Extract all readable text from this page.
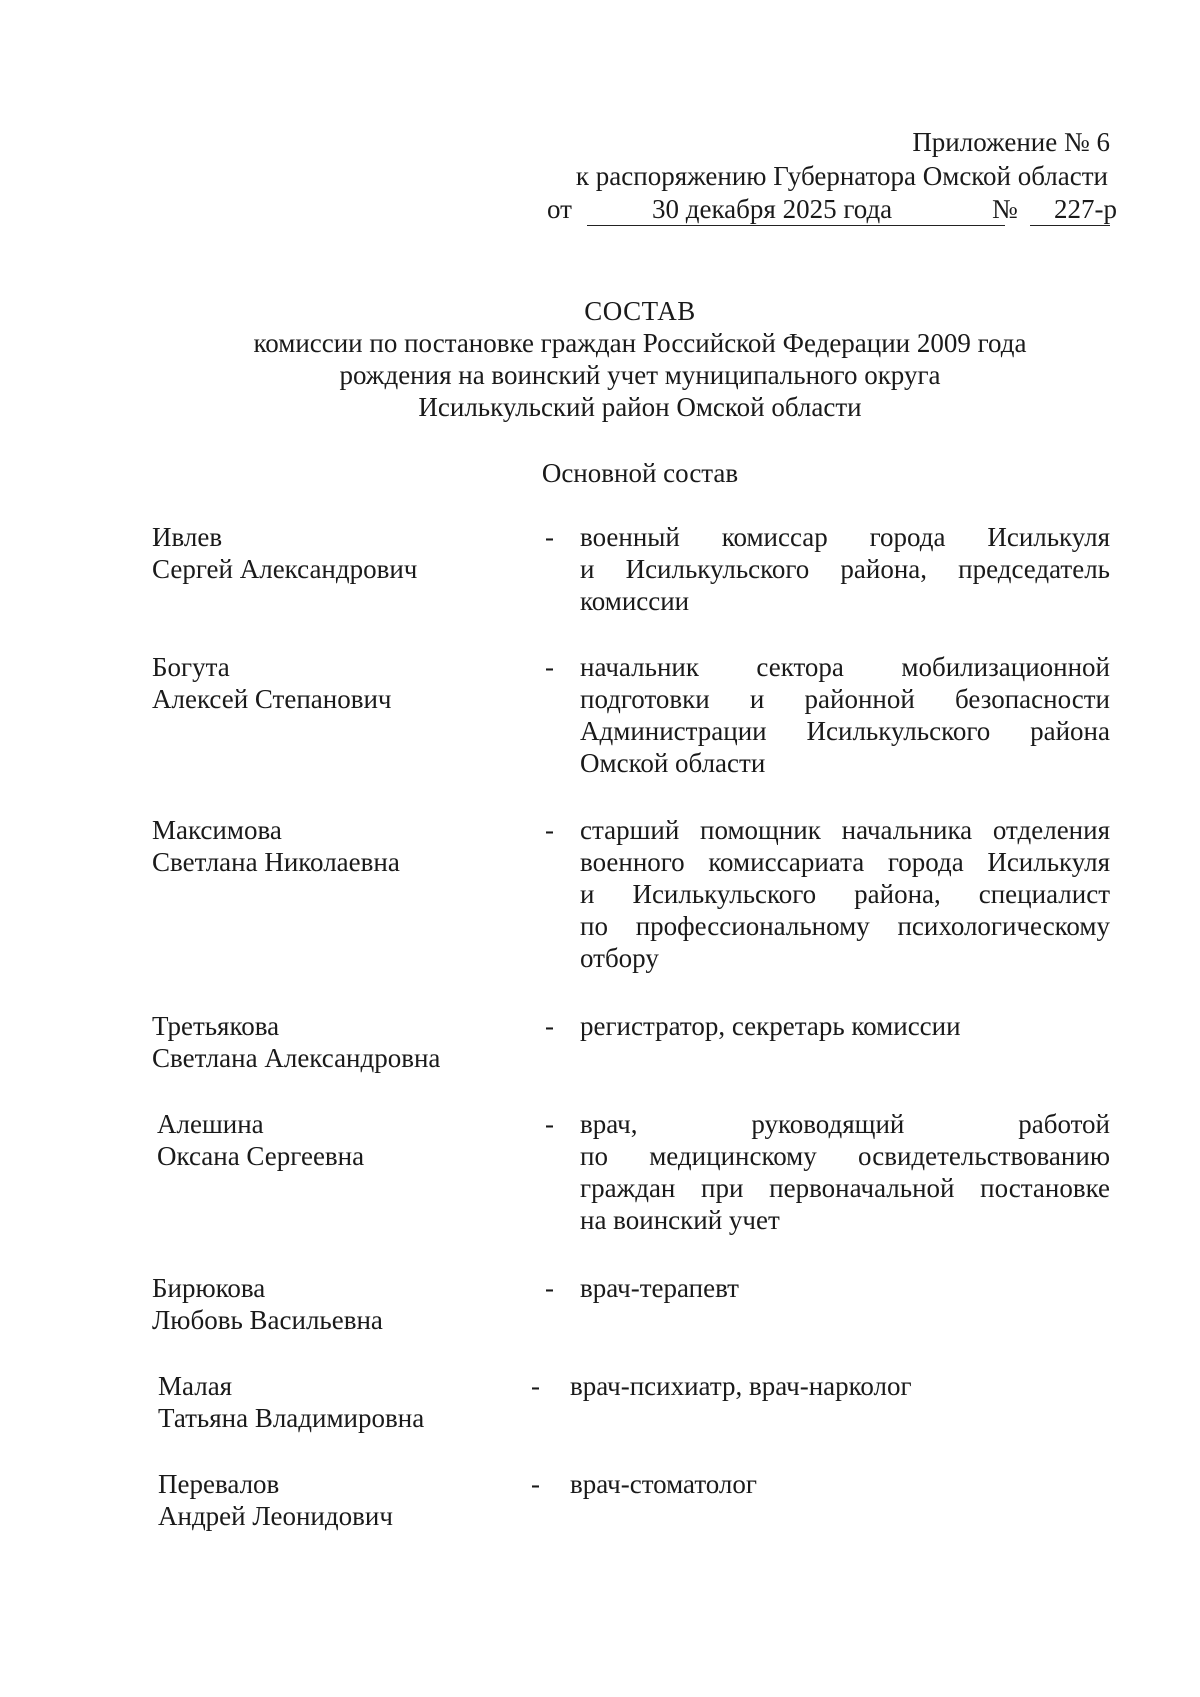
Приложение № 6
к распоряжению Губернатора Омской области
от	30 декабря 2025 года	№ 227-р
СОСТАВ
комиссии по постановке граждан Российской Федерации 2009 года
рождения на воинский учет муниципального округа
Исилькульский район Омской области
Основной состав
Ивлев
Сергей Александрович
- военный комиссар города Исилькуля
и Исилькульского района, председатель
комиссии
Богута
Алексей Степанович
- начальник сектора мобилизационной
подготовки и районной безопасности
Администрации Исилькульского района
Омской области
Максимова
Светлана Николаевна
- старший помощник начальника отделения
военного комиссариата города Исилькуля
и Исилькульского района, специалист
по профессиональному психологическому
отбору
Третьякова
Светлана Александровна
- регистратор, секретарь комиссии
Алешина
Оксана Сергеевна
- врач, руководящий работой
по медицинскому освидетельствованию
граждан при первоначальной постановке
на воинский учет
Бирюкова
Любовь Васильевна
- врач-терапевт
Малая
Татьяна Владимировна
- врач-психиатр, врач-нарколог
Перевалов
Андрей Леонидович
- врач-стоматолог
